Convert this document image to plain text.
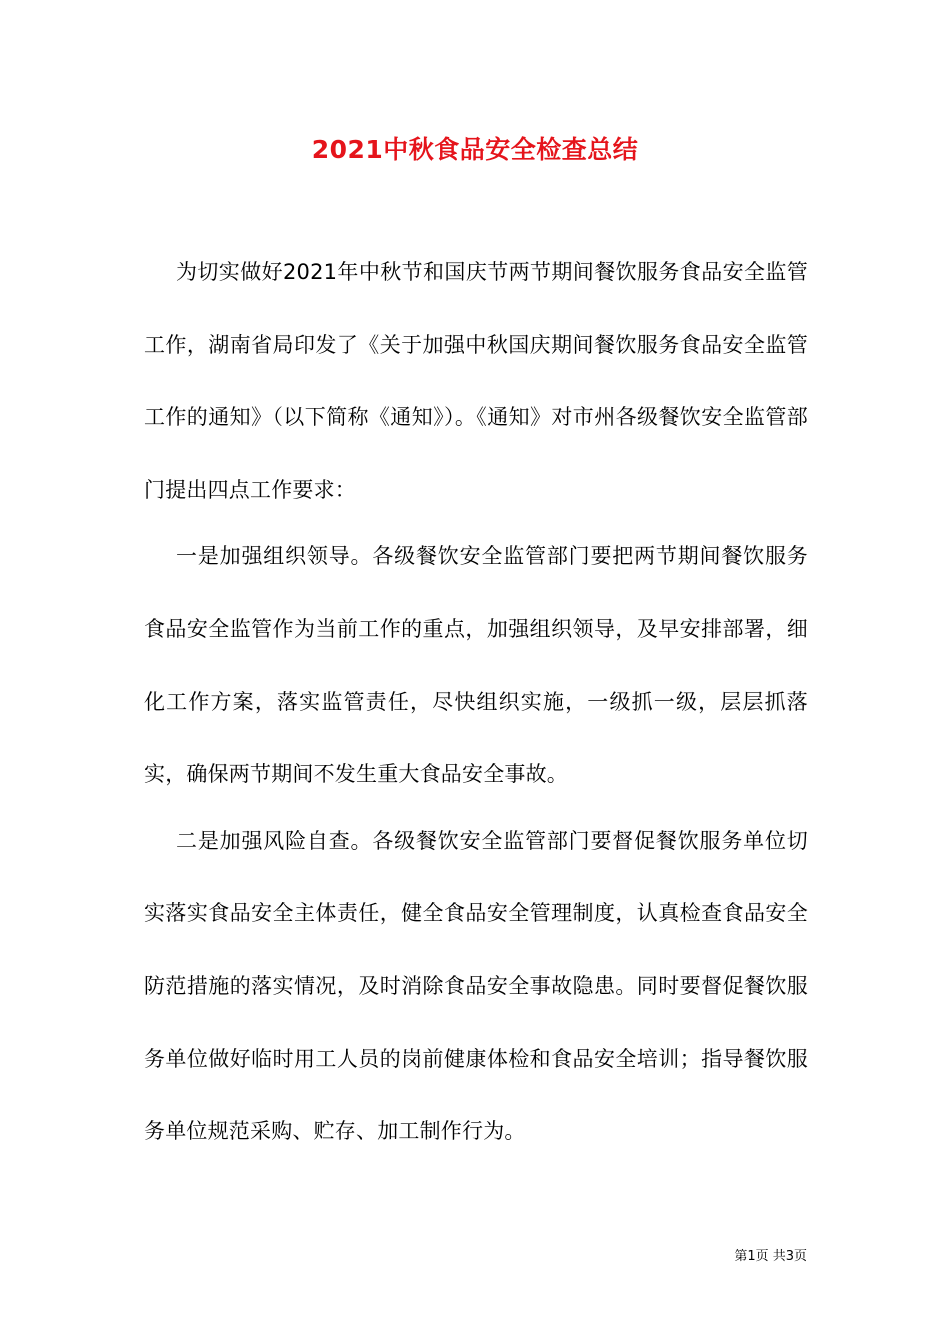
2021中秋食品安全检查总结

为切实做好2021年中秋节和国庆节两节期间餐饮服务食品安全监管工作，湖南省局印发了《关于加强中秋国庆期间餐饮服务食品安全监管工作的通知》（以下简称《通知》）。《通知》对市州各级餐饮安全监管部门提出四点工作要求：

一是加强组织领导。各级餐饮安全监管部门要把两节期间餐饮服务食品安全监管作为当前工作的重点，加强组织领导，及早安排部署，细化工作方案，落实监管责任，尽快组织实施，一级抓一级，层层抓落实，确保两节期间不发生重大食品安全事故。

二是加强风险自查。各级餐饮安全监管部门要督促餐饮服务单位切实落实食品安全主体责任，健全食品安全管理制度，认真检查食品安全防范措施的落实情况，及时消除食品安全事故隐患。同时要督促餐饮服务单位做好临时用工人员的岗前健康体检和食品安全培训；指导餐饮服务单位规范采购、贮存、加工制作行为。

第1页 共3页
